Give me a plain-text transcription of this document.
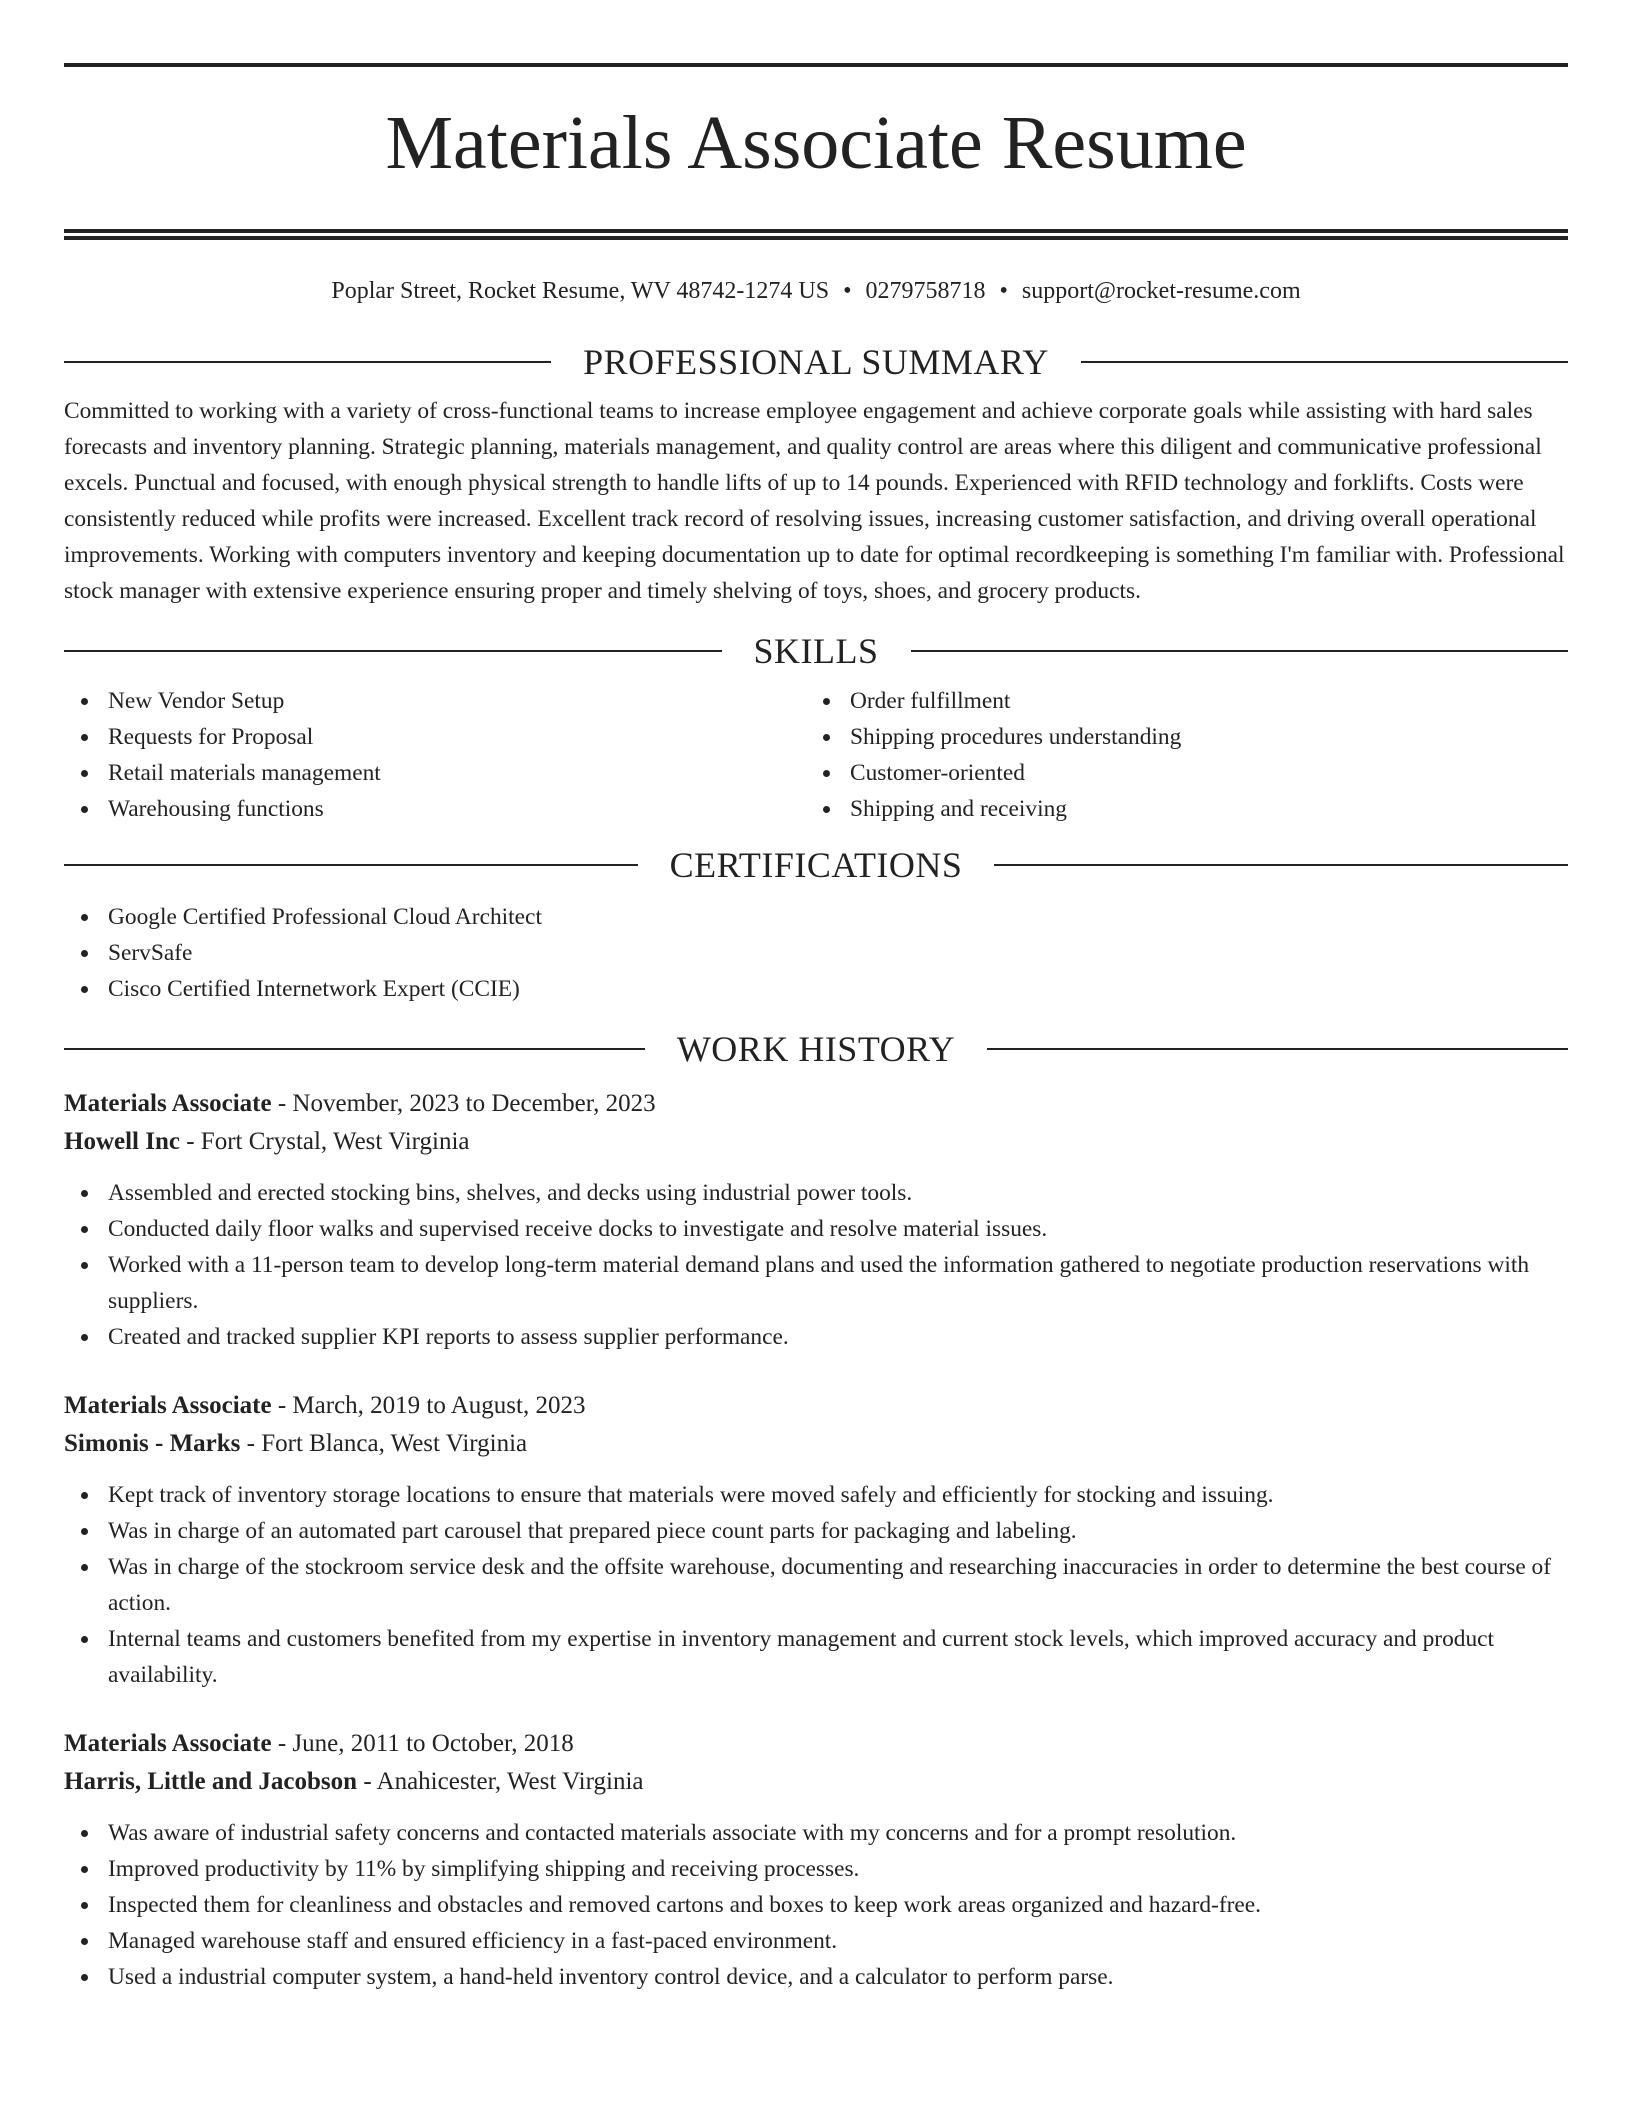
Materials Associate Resume
Poplar Street, Rocket Resume, WV 48742-1274 US • 0279758718 • support@rocket-resume.com
PROFESSIONAL SUMMARY

Committed to working with a variety of cross-functional teams to increase employee engagement and achieve corporate goals while assisting with hard sales forecasts and inventory planning. Strategic planning, materials management, and quality control are areas where this diligent and communicative professional excels. Punctual and focused, with enough physical strength to handle lifts of up to 14 pounds. Experienced with RFID technology and forklifts. Costs were consistently reduced while profits were increased. Excellent track record of resolving issues, increasing customer satisfaction, and driving overall operational improvements. Working with computers inventory and keeping documentation up to date for optimal recordkeeping is something I'm familiar with. Professional stock manager with extensive experience ensuring proper and timely shelving of toys, shoes, and grocery products.

SKILLS
New Vendor Setup
Requests for Proposal
Retail materials management
Warehousing functions
Order fulfillment
Shipping procedures understanding
Customer-oriented
Shipping and receiving
CERTIFICATIONS
Google Certified Professional Cloud Architect
ServSafe
Cisco Certified Internetwork Expert (CCIE)
WORK HISTORY
Materials Associate - November, 2023 to December, 2023
Howell Inc - Fort Crystal, West Virginia
Assembled and erected stocking bins, shelves, and decks using industrial power tools.
Conducted daily floor walks and supervised receive docks to investigate and resolve material issues.
Worked with a 11-person team to develop long-term material demand plans and used the information gathered to negotiate production reservations with suppliers.
Created and tracked supplier KPI reports to assess supplier performance.
Materials Associate - March, 2019 to August, 2023
Simonis - Marks - Fort Blanca, West Virginia
Kept track of inventory storage locations to ensure that materials were moved safely and efficiently for stocking and issuing.
Was in charge of an automated part carousel that prepared piece count parts for packaging and labeling.
Was in charge of the stockroom service desk and the offsite warehouse, documenting and researching inaccuracies in order to determine the best course of action.
Internal teams and customers benefited from my expertise in inventory management and current stock levels, which improved accuracy and product availability.
Materials Associate - June, 2011 to October, 2018
Harris, Little and Jacobson - Anahicester, West Virginia
Was aware of industrial safety concerns and contacted materials associate with my concerns and for a prompt resolution.
Improved productivity by 11% by simplifying shipping and receiving processes.
Inspected them for cleanliness and obstacles and removed cartons and boxes to keep work areas organized and hazard-free.
Managed warehouse staff and ensured efficiency in a fast-paced environment.
Used a industrial computer system, a hand-held inventory control device, and a calculator to perform parse.
